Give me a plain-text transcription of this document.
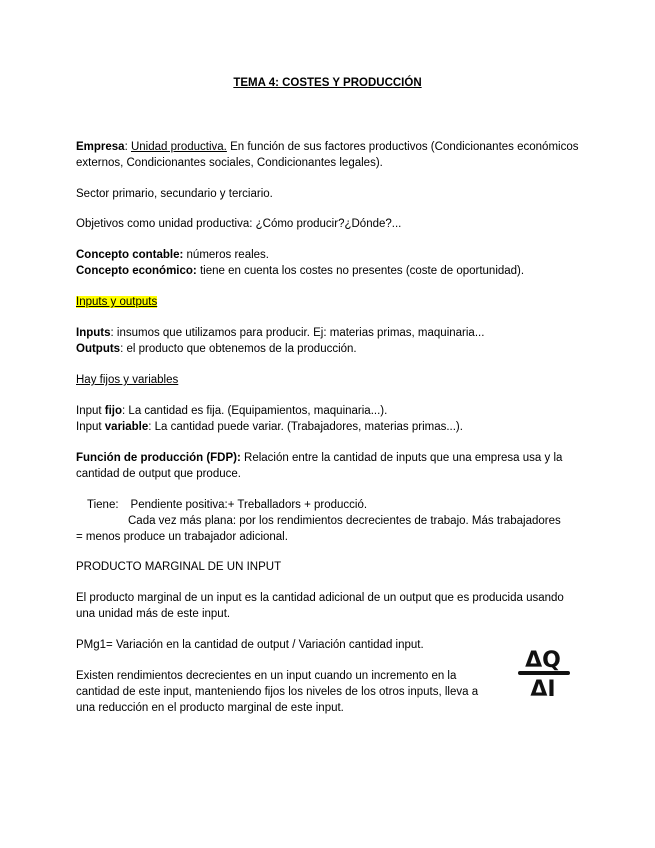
TEMA 4: COSTES Y PRODUCCIÓN

Empresa: Unidad productiva. En función de sus factores productivos (Condicionantes económicos externos, Condicionantes sociales, Condicionantes legales).

Sector primario, secundario y terciario.

Objetivos como unidad productiva: ¿Cómo producir?¿Dónde?...

Concepto contable: números reales.

Concepto económico: tiene en cuenta los costes no presentes (coste de oportunidad).

Inputs y outputs

Inputs: insumos que utilizamos para producir. Ej: materias primas, maquinaria...

Outputs: el producto que obtenemos de la producción.

Hay fijos y variables

Input fijo: La cantidad es fija. (Equipamientos, maquinaria...).

Input variable: La cantidad puede variar. (Trabajadores, materias primas...).

Función de producción (FDP): Relación entre la cantidad de inputs que una empresa usa y la cantidad de output que produce.

Tiene: Pendiente positiva:+ Treballadors + producció.

Cada vez más plana: por los rendimientos decrecientes de trabajo. Más trabajadores

= menos produce un trabajador adicional.

PRODUCTO MARGINAL DE UN INPUT

El producto marginal de un input es la cantidad adicional de un output que es producida usando una unidad más de este input.

PMg1= Variación en la cantidad de output / Variación cantidad input.

Existen rendimientos decrecientes en un input cuando un incremento en la cantidad de este input, manteniendo fijos los niveles de los otros inputs, lleva a una reducción en el producto marginal de este input.

ΔQ
ΔI
